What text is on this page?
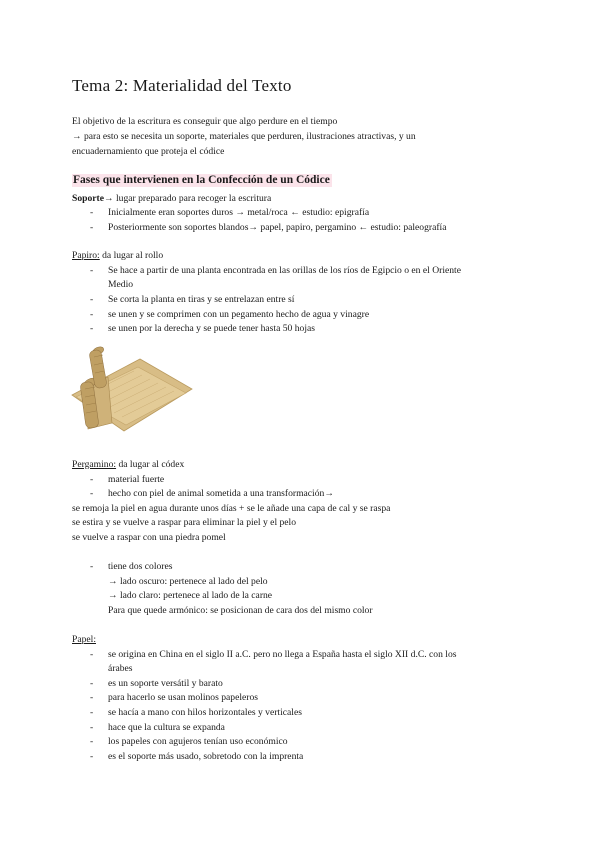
Tema 2: Materialidad del Texto
El objetivo de la escritura es conseguir que algo perdure en el tiempo
→ para esto se necesita un soporte, materiales que perduren, ilustraciones atractivas, y un
encuadernamiento que proteja el códice
Fases que intervienen en la Confección de un Códice
Soporte→ lugar preparado para recoger la escritura
- Inicialmente eran soportes duros → metal/roca ← estudio: epigrafía
- Posteriormente son soportes blandos→ papel, papiro, pergamino ← estudio: paleografía
Papiro: da lugar al rollo
- Se hace a partir de una planta encontrada en las orillas de los ríos de Egipcio o en el Oriente
Medio
- Se corta la planta en tiras y se entrelazan entre sí
- se unen y se comprimen con un pegamento hecho de agua y vinagre
- se unen por la derecha y se puede tener hasta 50 hojas
Pergamino: da lugar al códex
- material fuerte
- hecho con piel de animal sometida a una transformación→
se remoja la piel en agua durante unos días + se le añade una capa de cal y se raspa
se estira y se vuelve a raspar para eliminar la piel y el pelo
se vuelve a raspar con una piedra pomel
- tiene dos colores
→ lado oscuro: pertenece al lado del pelo
→ lado claro: pertenece al lado de la carne
Para que quede armónico: se posicionan de cara dos del mismo color
Papel:
- se origina en China en el siglo II a.C. pero no llega a España hasta el siglo XII d.C. con los
árabes
- es un soporte versátil y barato
- para hacerlo se usan molinos papeleros
- se hacía a mano con hilos horizontales y verticales
- hace que la cultura se expanda
- los papeles con agujeros tenían uso económico
- es el soporte más usado, sobretodo con la imprenta
